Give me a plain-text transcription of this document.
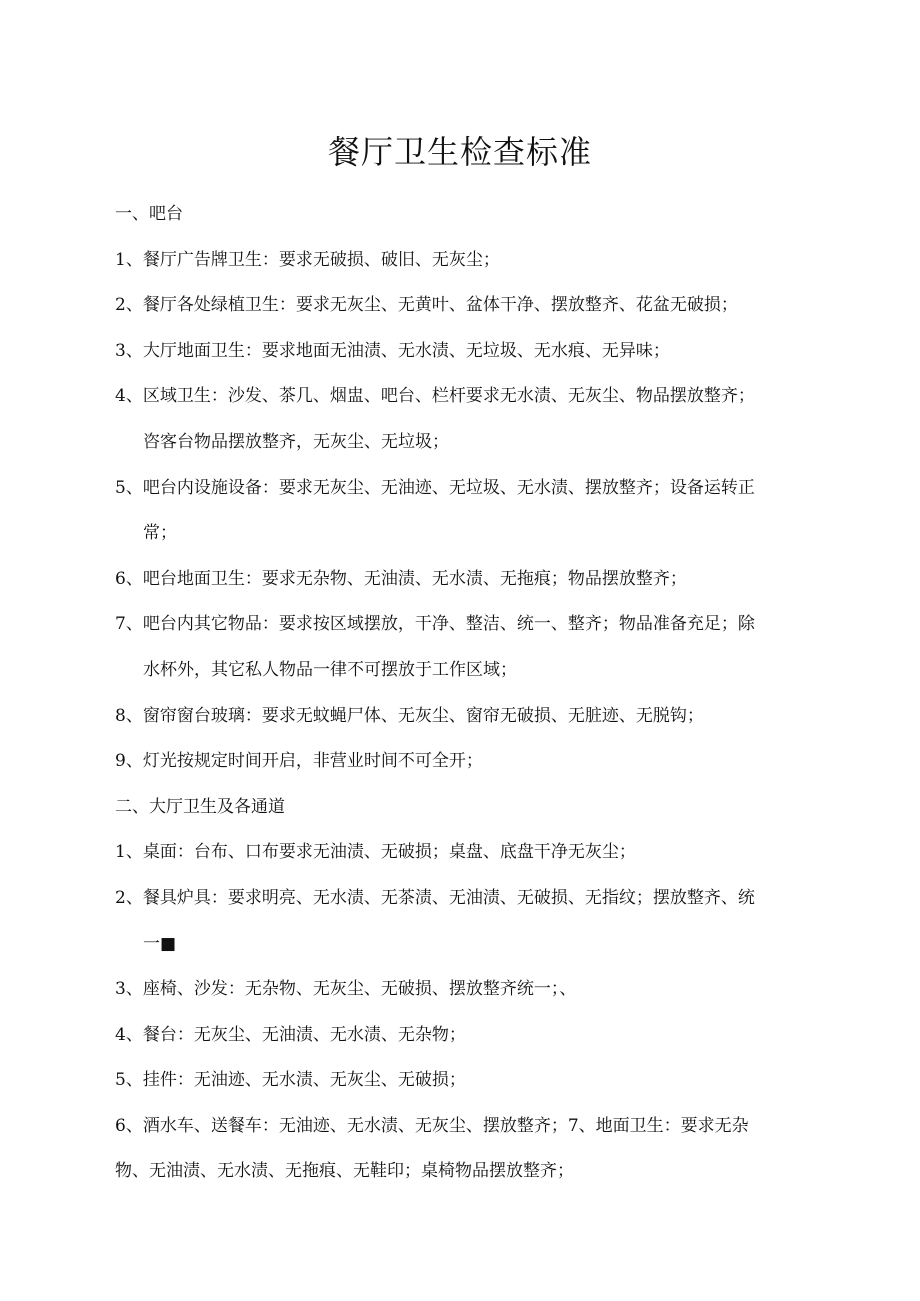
餐厅卫生检查标准

一、吧台

1、餐厅广告牌卫生：要求无破损、破旧、无灰尘；

2、餐厅各处绿植卫生：要求无灰尘、无黄叶、盆体干净、摆放整齐、花盆无破损；

3、大厅地面卫生：要求地面无油渍、无水渍、无垃圾、无水痕、无异味；

4、区域卫生：沙发、茶几、烟盅、吧台、栏杆要求无水渍、无灰尘、物品摆放整齐；

咨客台物品摆放整齐，无灰尘、无垃圾；

5、吧台内设施设备：要求无灰尘、无油迹、无垃圾、无水渍、摆放整齐；设备运转正

常；

6、吧台地面卫生：要求无杂物、无油渍、无水渍、无拖痕；物品摆放整齐；

7、吧台内其它物品：要求按区域摆放，干净、整洁、统一、整齐；物品准备充足；除

水杯外，其它私人物品一律不可摆放于工作区域；

8、窗帘窗台玻璃：要求无蚊蝇尸体、无灰尘、窗帘无破损、无脏迹、无脱钩；

9、灯光按规定时间开启，非营业时间不可全开；

二、大厅卫生及各通道

1、桌面：台布、口布要求无油渍、无破损；桌盘、底盘干净无灰尘；

2、餐具炉具：要求明亮、无水渍、无茶渍、无油渍、无破损、无指纹；摆放整齐、统

一■

3、座椅、沙发：无杂物、无灰尘、无破损、摆放整齐统一；、

4、餐台：无灰尘、无油渍、无水渍、无杂物；

5、挂件：无油迹、无水渍、无灰尘、无破损；

6、酒水车、送餐车：无油迹、无水渍、无灰尘、摆放整齐；7、地面卫生：要求无杂

物、无油渍、无水渍、无拖痕、无鞋印；桌椅物品摆放整齐；
